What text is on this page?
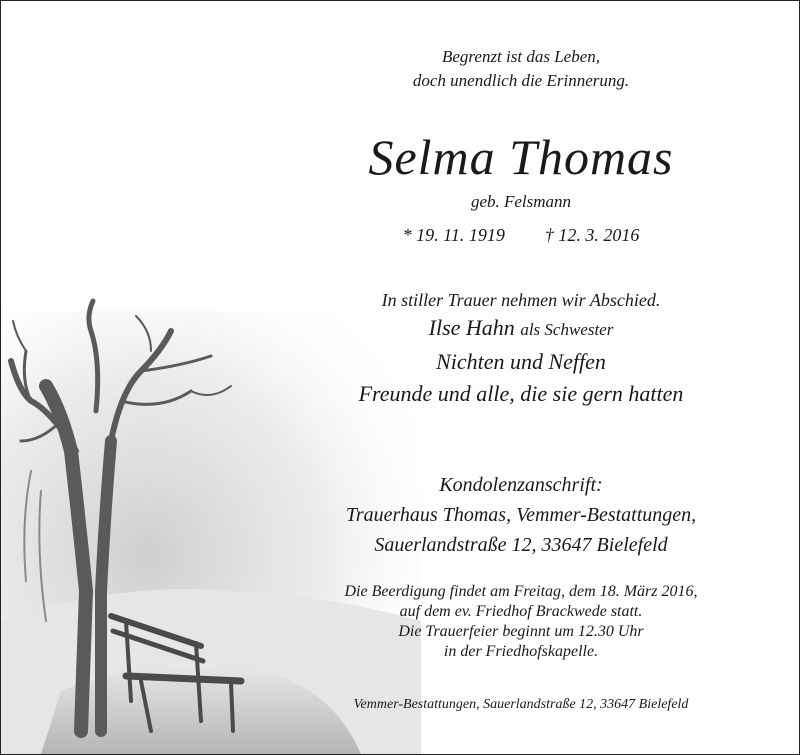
Begrenzt ist das Leben,
doch unendlich die Erinnerung.
Selma Thomas
geb. Felsmann
* 19. 11. 1919 † 12. 3. 2016
In stiller Trauer nehmen wir Abschied.
Ilse Hahn als Schwester
Nichten und Neffen
Freunde und alle, die sie gern hatten
Kondolenzanschrift:
Trauerhaus Thomas, Vemmer-Bestattungen,
Sauerlandstraße 12, 33647 Bielefeld
Die Beerdigung findet am Freitag, dem 18. März 2016,
auf dem ev. Friedhof Brackwede statt.
Die Trauerfeier beginnt um 12.30 Uhr
in der Friedhofskapelle.
Vemmer-Bestattungen, Sauerlandstraße 12, 33647 Bielefeld
